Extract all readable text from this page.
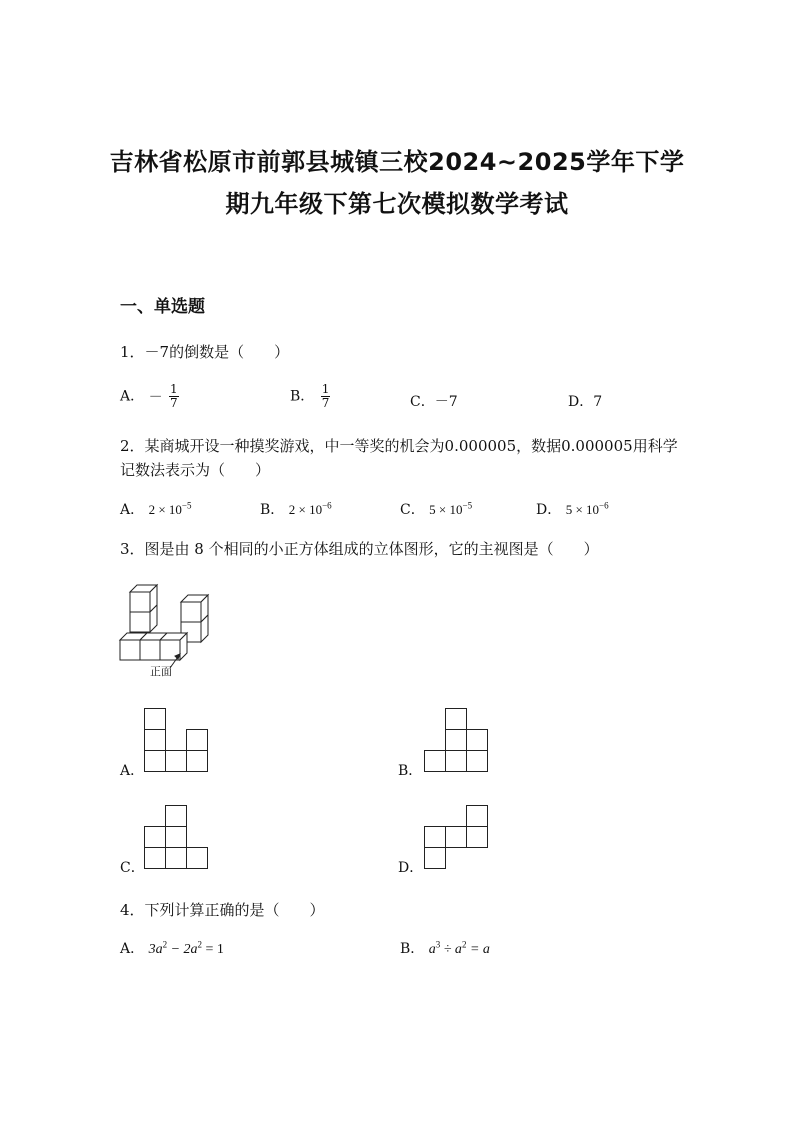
吉林省松原市前郭县城镇三校2024~2025学年下学
期九年级下第七次模拟数学考试
一、单选题
1．－7的倒数是（　　）
A． － $\frac{1}{7}$	B． $\frac{1}{7}$	C．－7	D．7
2．某商城开设一种摸奖游戏，中一等奖的机会为0.000005，数据0.000005用科学
记数法表示为（　　）
A． $2 \times 10^{-5}$	B． $2 \times 10^{-6}$	C． $5 \times 10^{-5}$	D． $5 \times 10^{-6}$
3．图是由 8 个相同的小正方体组成的立体图形，它的主视图是（　　）
正面
A．	B．
C．	D．
4．下列计算正确的是（　　）
A． $3a^2 - 2a^2 = 1$	B． $a^3 \div a^2 = a$
